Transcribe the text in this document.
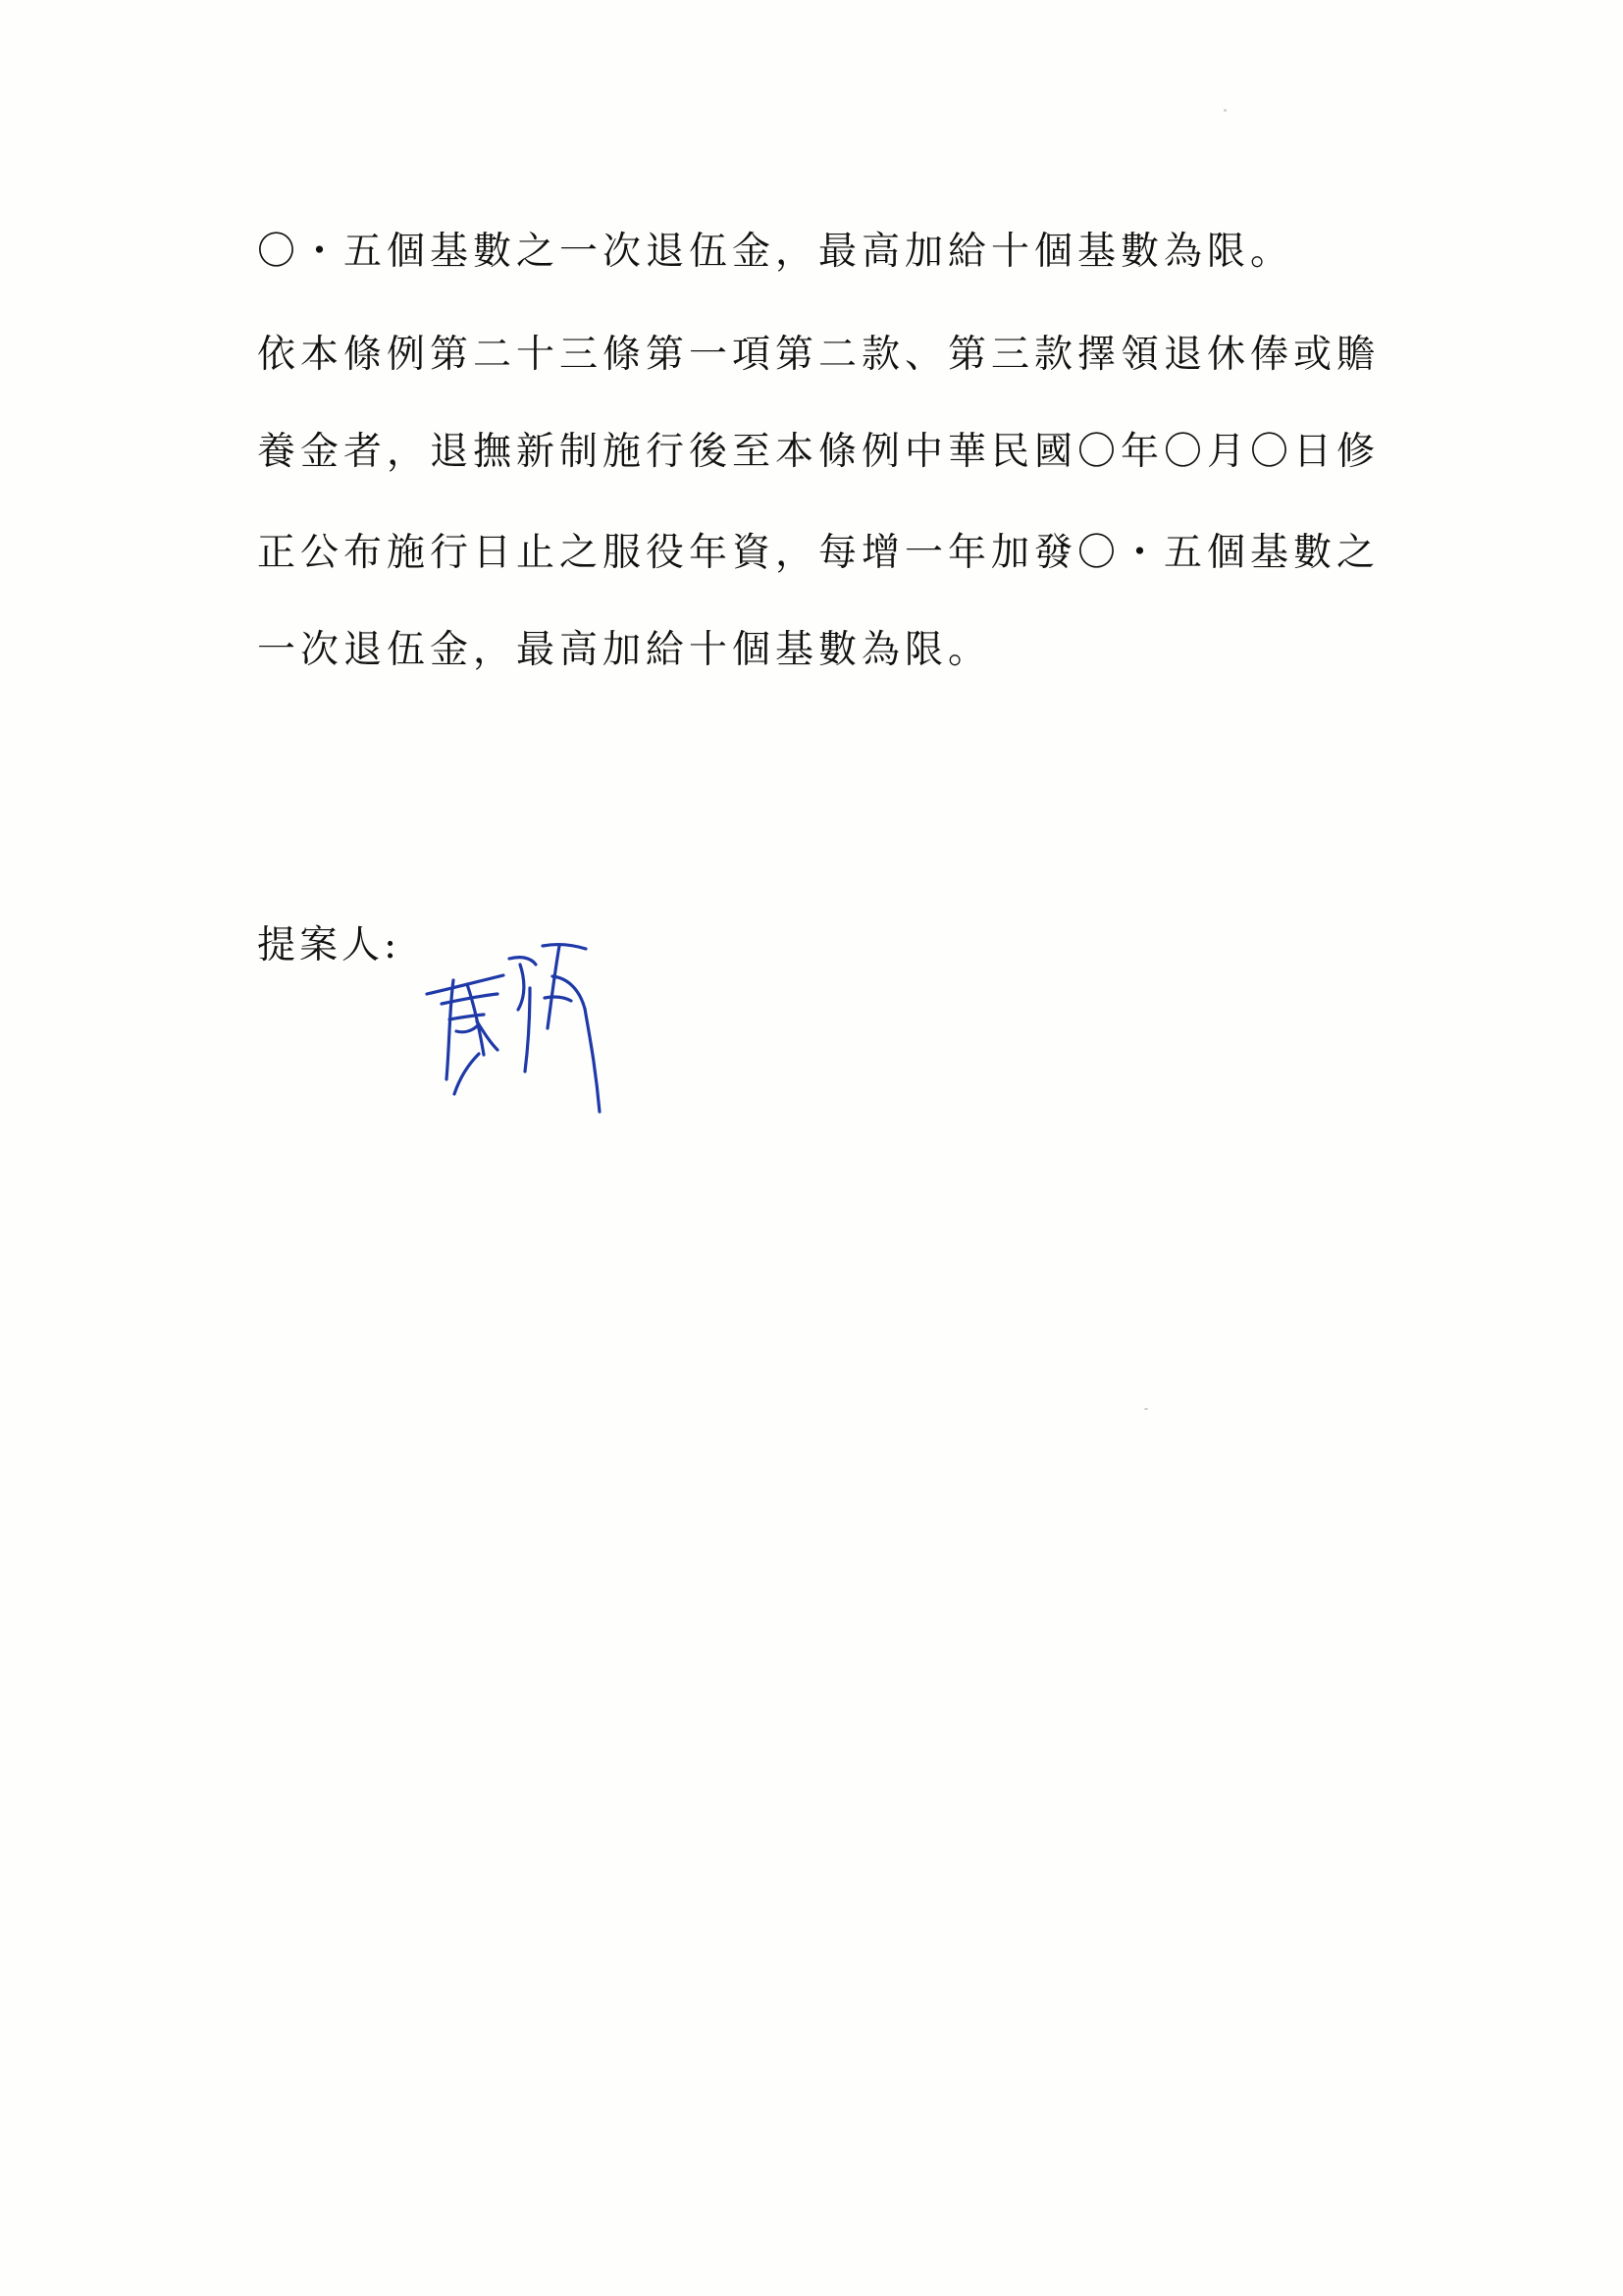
〇・五個基數之一次退伍金，最高加給十個基數為限。
依本條例第二十三條第一項第二款、第三款擇領退休俸或贍
養金者，退撫新制施行後至本條例中華民國〇年〇月〇日修
正公布施行日止之服役年資，每增一年加發〇・五個基數之
一次退伍金，最高加給十個基數為限。
提案人:
